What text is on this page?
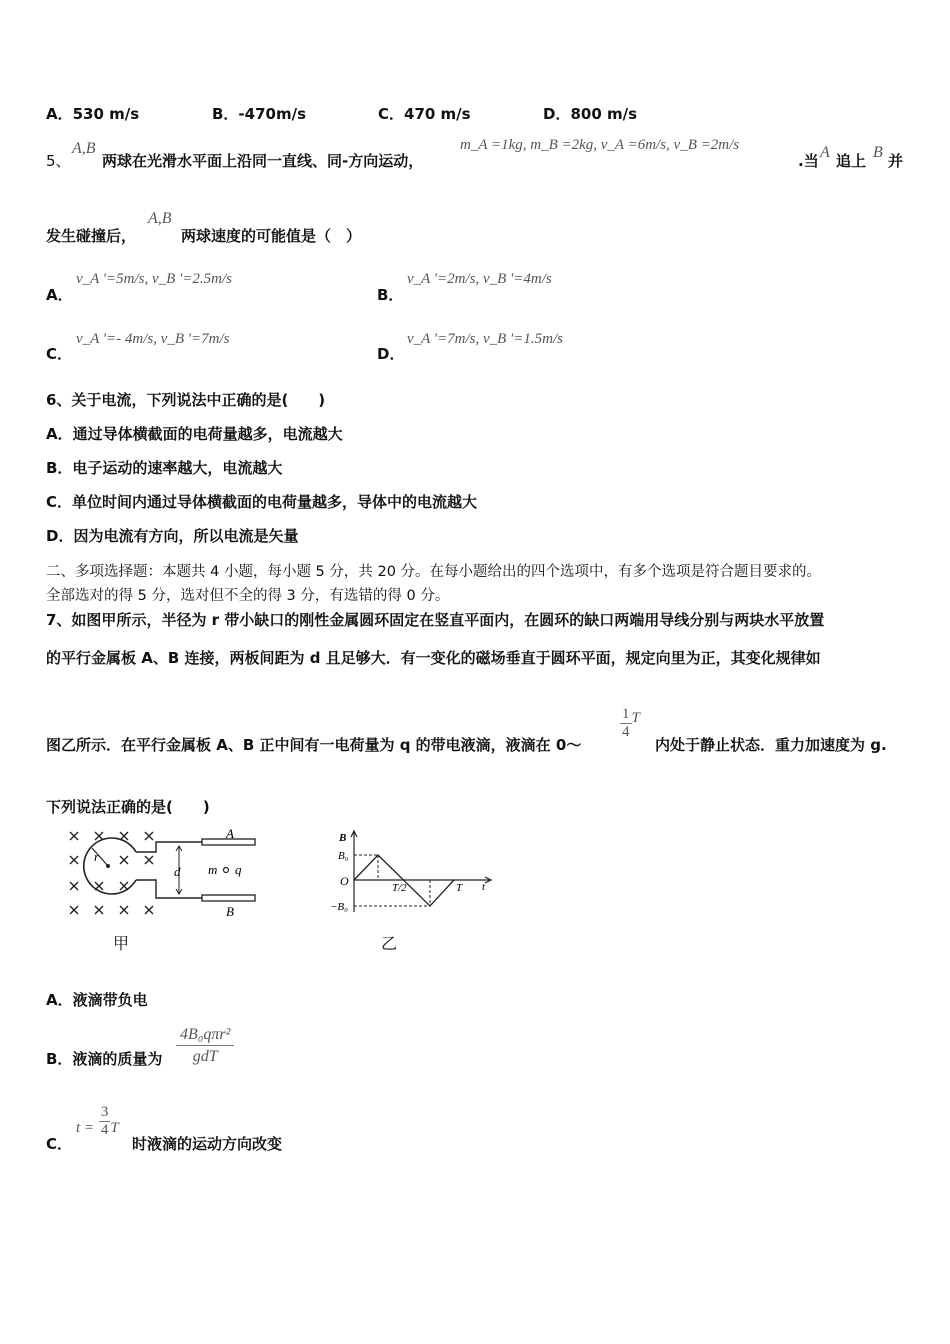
A．530 m/s	B．-470m/s	C．470 m/s	D．800 m/s
5、
A,B
两球在光滑水平面上沿同一直线、同-方向运动，
m_A =1kg, m_B =2kg, v_A =6m/s, v_B =2m/s
.当 A 追上 B 并
发生碰撞后，
A,B
两球速度的可能值是（　）
A．
v_A '=5m/s, v_B '=2.5m/s
B．
v_A '=2m/s, v_B '=4m/s
C．
v_A '=- 4m/s, v_B '=7m/s
D．
v_A '=7m/s, v_B '=1.5m/s
6、关于电流，下列说法中正确的是(　　)
A．通过导体横截面的电荷量越多，电流越大
B．电子运动的速率越大，电流越大
C．单位时间内通过导体横截面的电荷量越多，导体中的电流越大
D．因为电流有方向，所以电流是矢量
二、多项选择题：本题共 4 小题，每小题 5 分，共 20 分。在每小题给出的四个选项中，有多个选项是符合题目要求的。
全部选对的得 5 分，选对但不全的得 3 分，有选错的得 0 分。
7、如图甲所示，半径为 r 带小缺口的刚性金属圆环固定在竖直平面内，在圆环的缺口两端用导线分别与两块水平放置
的平行金属板 A、B 连接，两板间距为 d 且足够大．有一变化的磁场垂直于圆环平面，规定向里为正，其变化规律如
图乙所示．在平行金属板 A、B 正中间有一电荷量为 q 的带电液滴，液滴在 0～
$\frac{1}{4}$ T
内处于静止状态．重力加速度为 g.
下列说法正确的是(　　)
r
d m q
A
B
甲
B
B₀
O
−B₀
T/2	T t
乙
A．液滴带负电
B．液滴的质量为 $\frac{\text{4B₀qπr²}}{\text{gdT}}$
C．
$t = \frac{3}{4}$ T
时液滴的运动方向改变
